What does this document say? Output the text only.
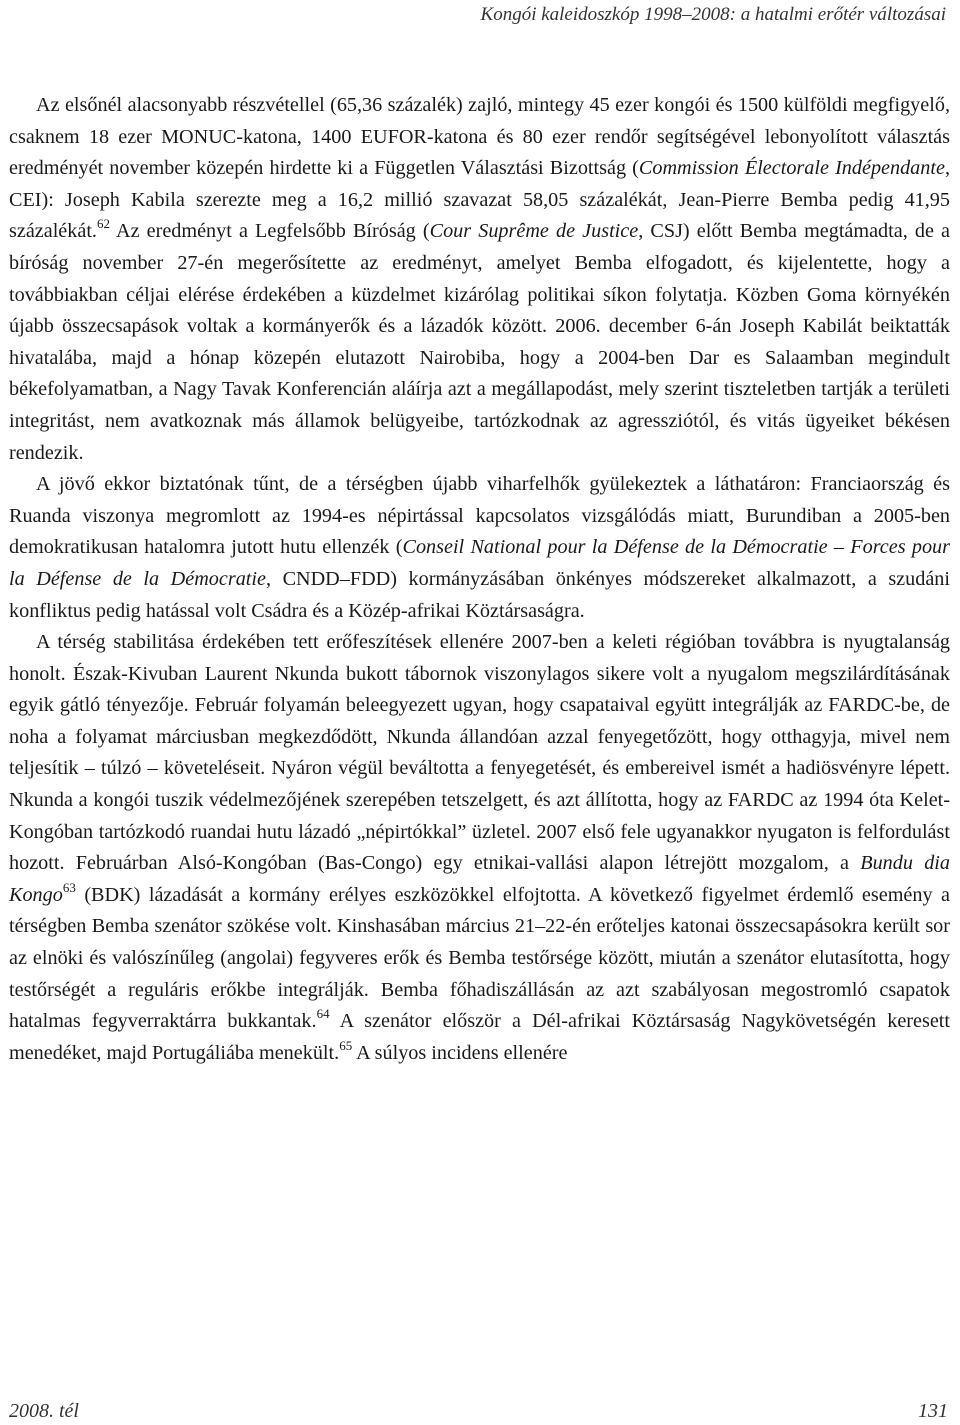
Kongói kaleidoszkóp 1998–2008: a hatalmi erőtér változásai

Az elsőnél alacsonyabb részvétellel (65,36 százalék) zajló, mintegy 45 ezer kongói és 1500 külföldi megfigyelő, csaknem 18 ezer MONUC-katona, 1400 EUFOR-katona és 80 ezer rendőr segítségével lebonyolított választás eredményét november közepén hirdette ki a Független Választási Bizottság (Commission Électorale Indépendante, CEI): Joseph Kabila szerezte meg a 16,2 millió szavazat 58,05 százalékát, Jean-Pierre Bemba pedig 41,95 százalékát.$^{62}$ Az eredményt a Legfelsőbb Bíróság (Cour Suprême de Justice, CSJ) előtt Bemba megtámadta, de a bíróság november 27-én megerősítette az eredményt, amelyet Bemba elfogadott, és kijelentette, hogy a továbbiakban céljai elérése érdekében a küzdelmet kizárólag politikai síkon folytatja. Közben Goma környékén újabb összecsapások voltak a kormányerők és a lázadók között. 2006. december 6-án Joseph Kabilát beiktatták hivatalába, majd a hónap közepén elutazott Nairobiba, hogy a 2004-ben Dar es Salaamban megindult békefolyamatban, a Nagy Tavak Konferencián aláírja azt a megállapodást, mely szerint tiszteletben tartják a területi integritást, nem avatkoznak más államok belügyeibe, tartózkodnak az agressziótól, és vitás ügyeiket békésen rendezik.

A jövő ekkor biztatónak tűnt, de a térségben újabb viharfelhők gyülekeztek a láthatáron: Franciaország és Ruanda viszonya megromlott az 1994-es népirtással kapcsolatos vizsgálódás miatt, Burundiban a 2005-ben demokratikusan hatalomra jutott hutu ellenzék (Conseil National pour la Défense de la Démocratie – Forces pour la Défense de la Démocratie, CNDD–FDD) kormányzásában önkényes módszereket alkalmazott, a szudáni konfliktus pedig hatással volt Csádra és a Közép-afrikai Köztársaságra.

A térség stabilitása érdekében tett erőfeszítések ellenére 2007-ben a keleti régióban továbbra is nyugtalanság honolt. Észak-Kivuban Laurent Nkunda bukott tábornok viszonylagos sikere volt a nyugalom megszilárdításának egyik gátló tényezője. Február folyamán beleegyezett ugyan, hogy csapataival együtt integrálják az FARDC-be, de noha a folyamat márciusban megkezdődött, Nkunda állandóan azzal fenyegetőzött, hogy otthagyja, mivel nem teljesítik – túlzó – követeléseit. Nyáron végül beváltotta a fenyegetését, és embereivel ismét a hadiösvényre lépett. Nkunda a kongói tuszik védelmezőjének szerepében tetszelgett, és azt állította, hogy az FARDC az 1994 óta Kelet-Kongóban tartózkodó ruandai hutu lázadó „népirtókkal” üzletel. 2007 első fele ugyanakkor nyugaton is felfordulást hozott. Februárban Alsó-Kongóban (Bas-Congo) egy etnikai-vallási alapon létrejött mozgalom, a Bundu dia Kongo$^{63}$ (BDK) lázadását a kormány erélyes eszközökkel elfojtotta. A következő figyelmet érdemlő esemény a térségben Bemba szenátor szökése volt. Kinshasában március 21–22-én erőteljes katonai összecsapásokra került sor az elnöki és valószínűleg (angolai) fegyveres erők és Bemba testőrsége között, miután a szenátor elutasította, hogy testőrségét a reguláris erőkbe integrálják. Bemba főhadiszállásán az azt szabályosan megostromló csapatok hatalmas fegyverraktárra bukkantak.$^{64}$ A szenátor először a Dél-afrikai Köztársaság Nagykövetségén keresett menedéket, majd Portugáliába menekült.$^{65}$ A súlyos incidens ellenére

2008. tél	131
